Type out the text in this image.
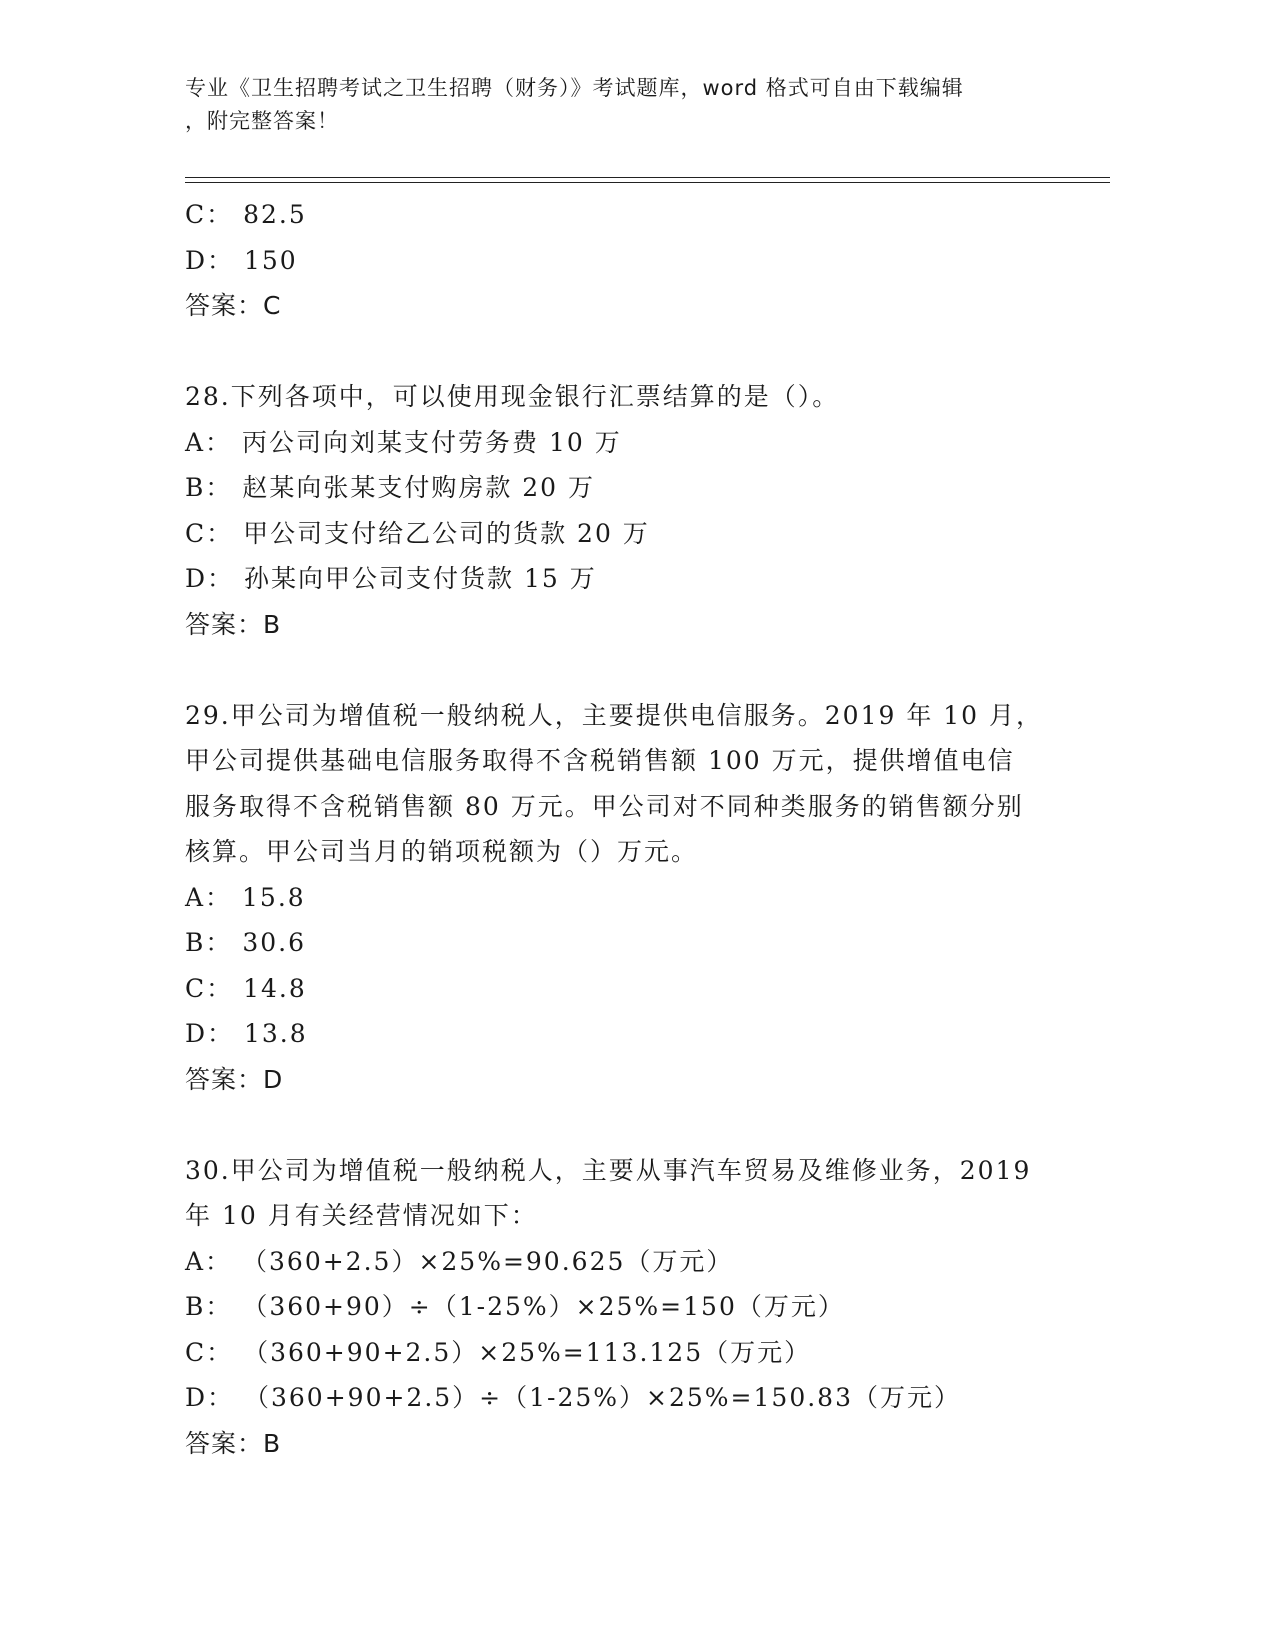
专业《卫生招聘考试之卫生招聘（财务）》考试题库，word 格式可自由下载编辑
，附完整答案！
C： 82.5
D： 150
答案：C
28.下列各项中，可以使用现金银行汇票结算的是（）。
A： 丙公司向刘某支付劳务费 10 万
B： 赵某向张某支付购房款 20 万
C： 甲公司支付给乙公司的货款 20 万
D： 孙某向甲公司支付货款 15 万
答案：B
29.甲公司为增值税一般纳税人，主要提供电信服务。2019 年 10 月，
甲公司提供基础电信服务取得不含税销售额 100 万元，提供增值电信
服务取得不含税销售额 80 万元。甲公司对不同种类服务的销售额分别
核算。甲公司当月的销项税额为（）万元。
A： 15.8
B： 30.6
C： 14.8
D： 13.8
答案：D
30.甲公司为增值税一般纳税人，主要从事汽车贸易及维修业务，2019
年 10 月有关经营情况如下：
A： （360+2.5）×25%=90.625（万元）
B： （360+90）÷（1-25%）×25%=150（万元）
C： （360+90+2.5）×25%=113.125（万元）
D： （360+90+2.5）÷（1-25%）×25%=150.83（万元）
答案：B
